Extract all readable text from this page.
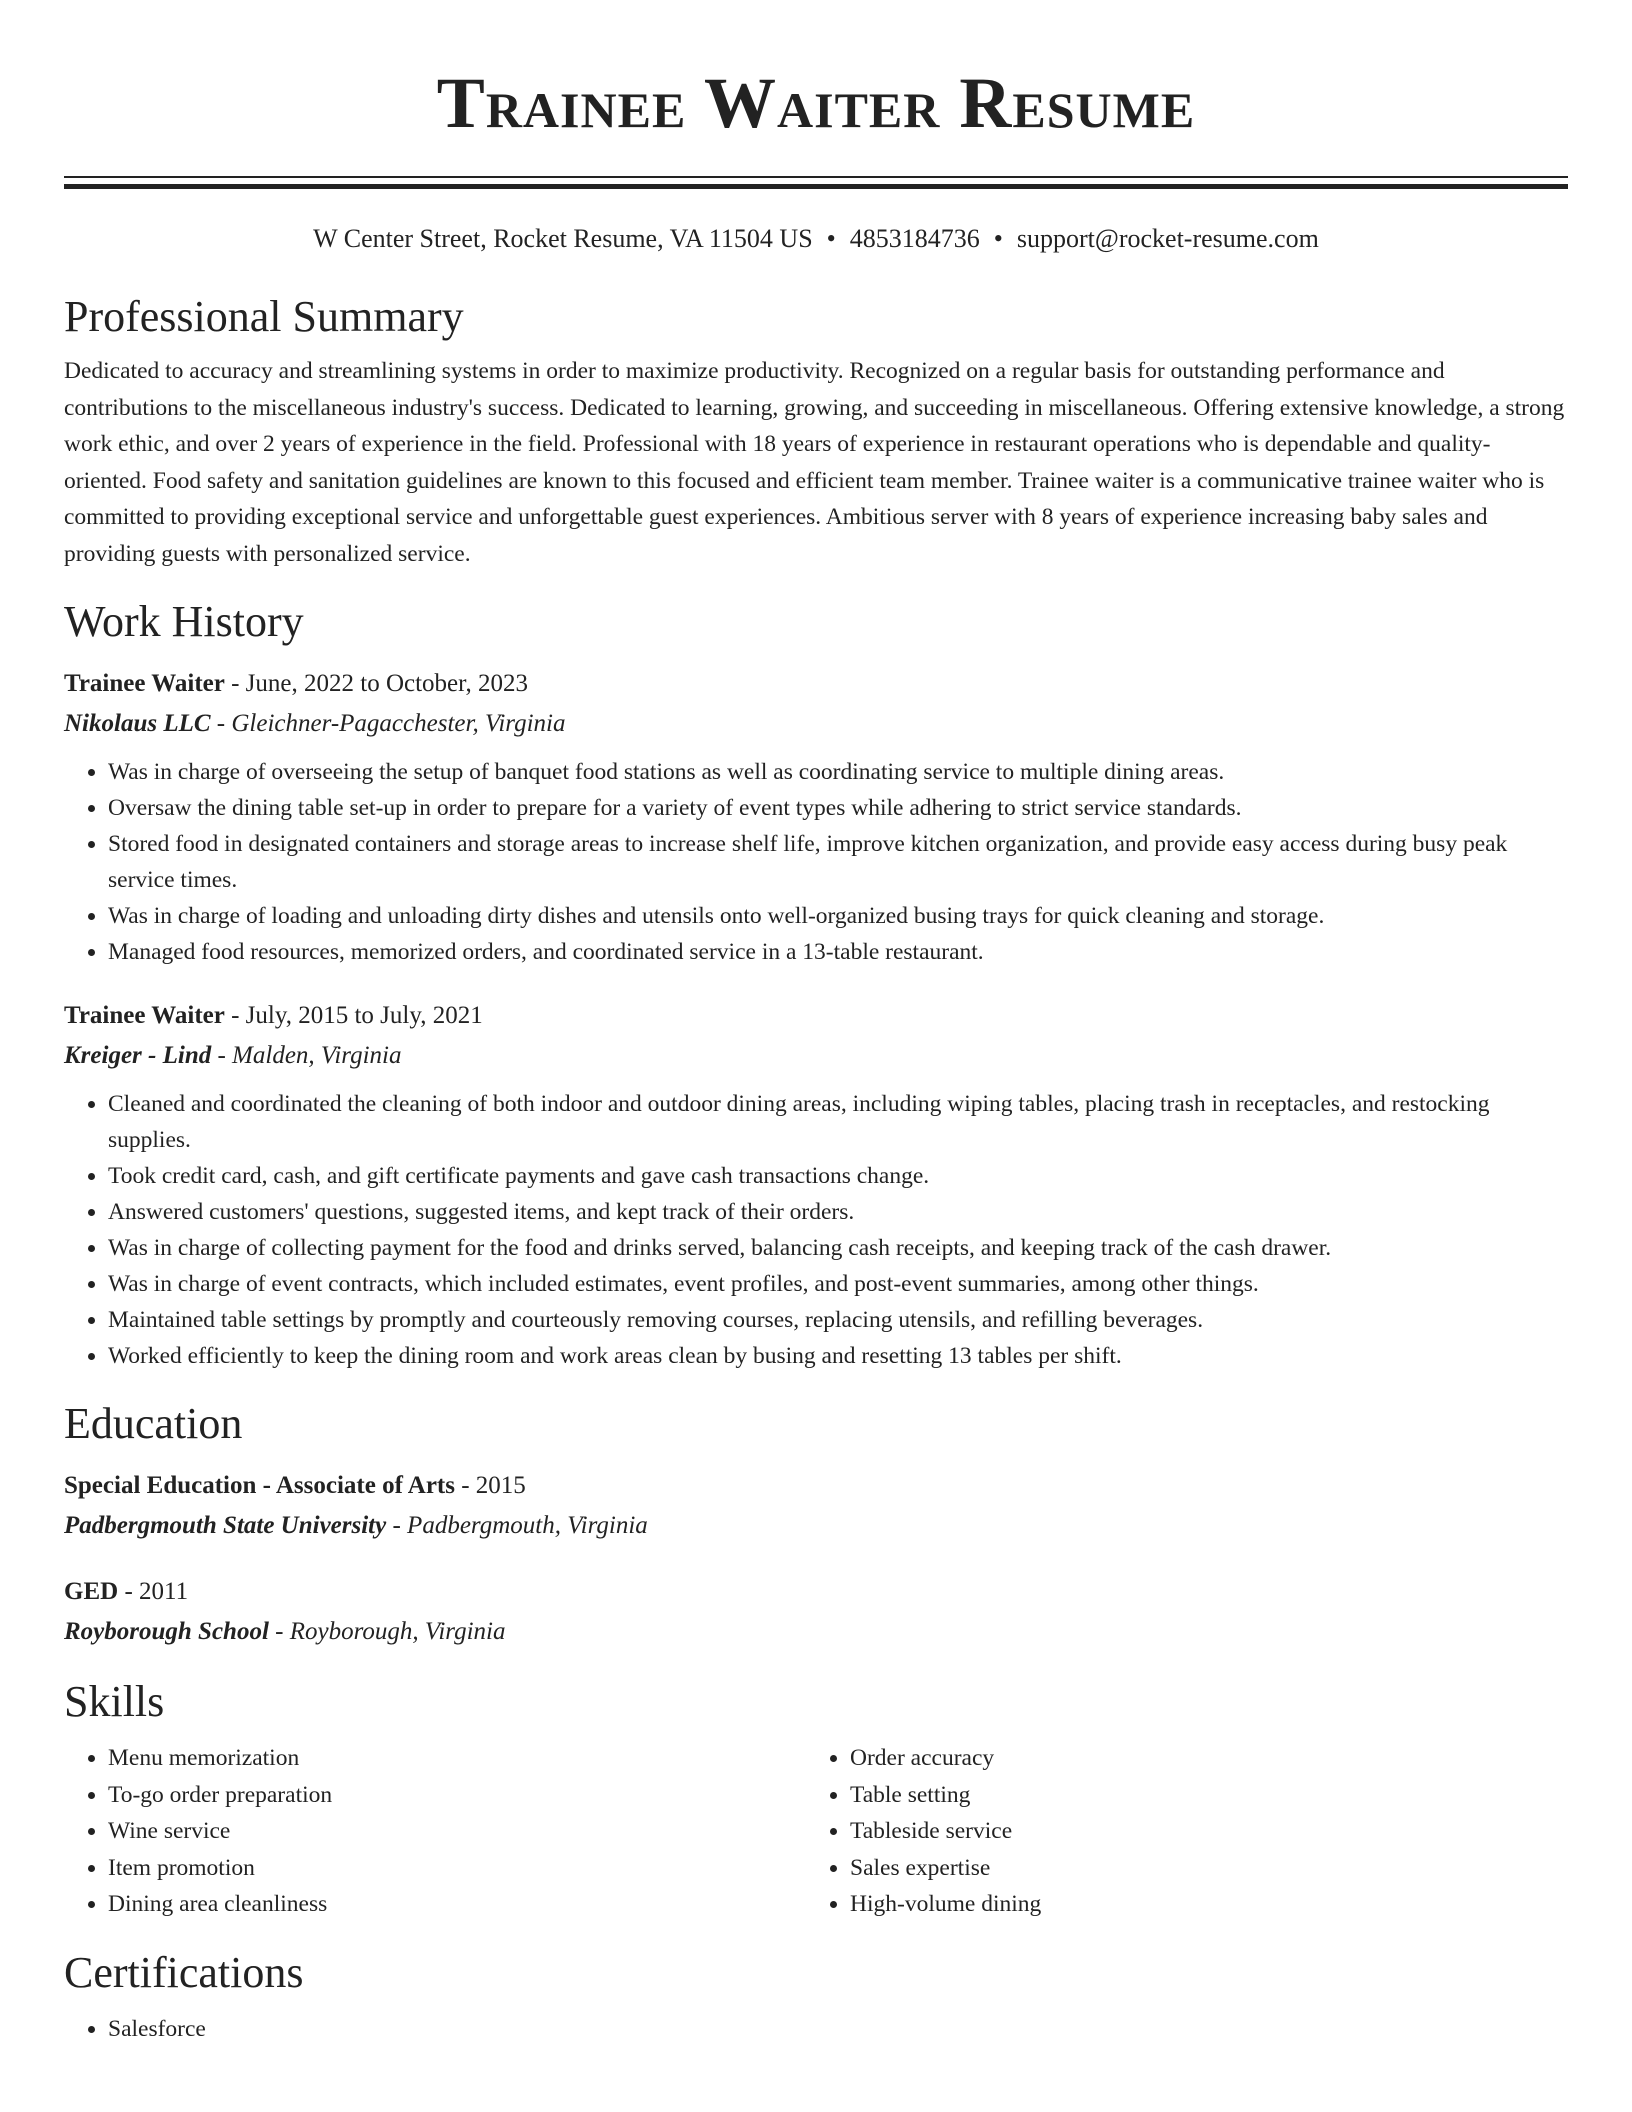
Trainee Waiter Resume
W Center Street, Rocket Resume, VA 11504 US • 4853184736 • support@rocket-resume.com
Professional Summary

Dedicated to accuracy and streamlining systems in order to maximize productivity. Recognized on a regular basis for outstanding performance and contributions to the miscellaneous industry's success. Dedicated to learning, growing, and succeeding in miscellaneous. Offering extensive knowledge, a strong work ethic, and over 2 years of experience in the field. Professional with 18 years of experience in restaurant operations who is dependable and quality-oriented. Food safety and sanitation guidelines are known to this focused and efficient team member. Trainee waiter is a communicative trainee waiter who is committed to providing exceptional service and unforgettable guest experiences. Ambitious server with 8 years of experience increasing baby sales and providing guests with personalized service.

Work History
Trainee Waiter - June, 2022 to October, 2023
Nikolaus LLC - Gleichner-Pagacchester, Virginia
• Was in charge of overseeing the setup of banquet food stations as well as coordinating service to multiple dining areas.
• Oversaw the dining table set-up in order to prepare for a variety of event types while adhering to strict service standards.
• Stored food in designated containers and storage areas to increase shelf life, improve kitchen organization, and provide easy access during busy peak service times.
• Was in charge of loading and unloading dirty dishes and utensils onto well-organized busing trays for quick cleaning and storage.
• Managed food resources, memorized orders, and coordinated service in a 13-table restaurant.
Trainee Waiter - July, 2015 to July, 2021
Kreiger - Lind - Malden, Virginia
• Cleaned and coordinated the cleaning of both indoor and outdoor dining areas, including wiping tables, placing trash in receptacles, and restocking supplies.
• Took credit card, cash, and gift certificate payments and gave cash transactions change.
• Answered customers' questions, suggested items, and kept track of their orders.
• Was in charge of collecting payment for the food and drinks served, balancing cash receipts, and keeping track of the cash drawer.
• Was in charge of event contracts, which included estimates, event profiles, and post-event summaries, among other things.
• Maintained table settings by promptly and courteously removing courses, replacing utensils, and refilling beverages.
• Worked efficiently to keep the dining room and work areas clean by busing and resetting 13 tables per shift.
Education
Special Education - Associate of Arts - 2015
Padbergmouth State University - Padbergmouth, Virginia
GED - 2011
Royborough School - Royborough, Virginia
Skills
• Menu memorization
• To-go order preparation
• Wine service
• Item promotion
• Dining area cleanliness
• Order accuracy
• Table setting
• Tableside service
• Sales expertise
• High-volume dining
Certifications
• Salesforce
